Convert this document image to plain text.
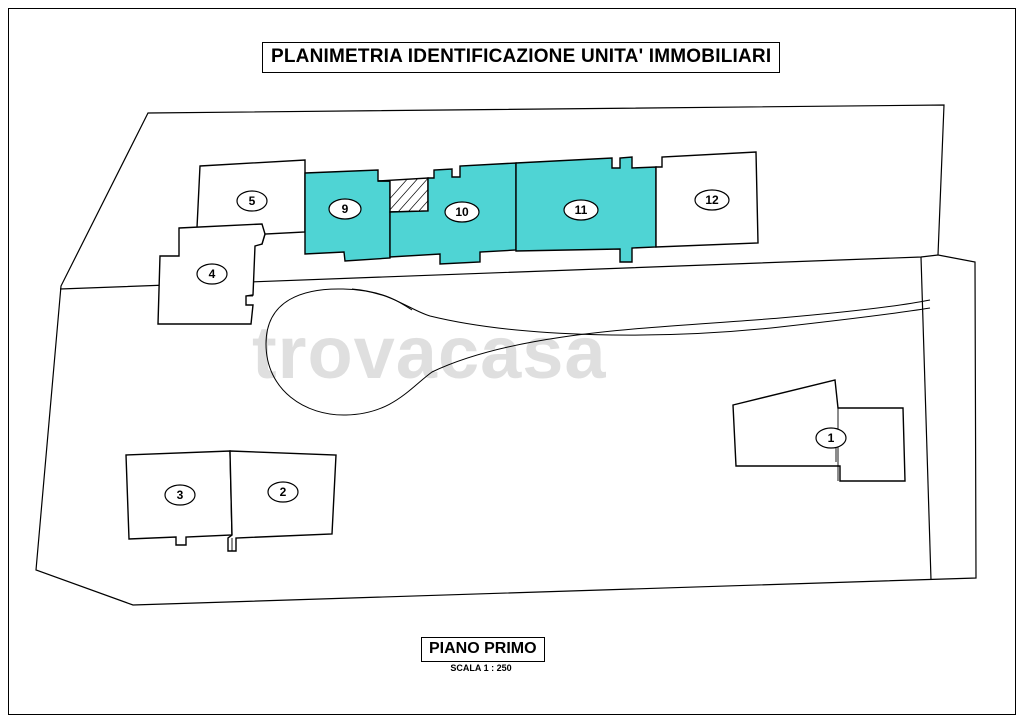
trovacasa
1
2
3
4
5
9	10	11
12
PLANIMETRIA IDENTIFICAZIONE UNITA' IMMOBILIARI
PIANO PRIMO
SCALA 1 : 250
